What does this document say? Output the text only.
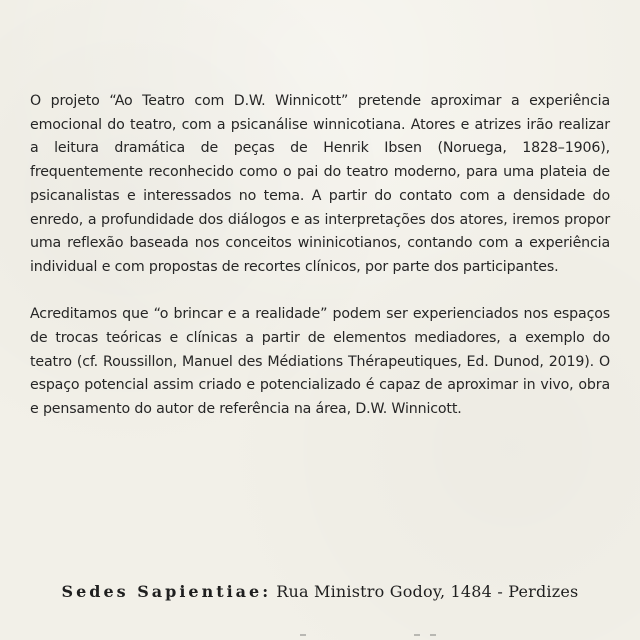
O projeto “Ao Teatro com D.W. Winnicott” pretende aproximar a experiência emocional do teatro, com a psicanálise winnicotiana. Atores e atrizes irão realizar a leitura dramática de peças de Henrik Ibsen (Noruega, 1828–1906), frequentemente reconhecido como o pai do teatro moderno, para uma plateia de psicanalistas e interessados no tema. A partir do contato com a densidade do enredo, a profundidade dos diálogos e as interpretações dos atores, iremos propor uma reflexão baseada nos conceitos wininicotianos, contando com a experiência individual e com propostas de recortes clínicos, por parte dos participantes.

Acreditamos que “o brincar e a realidade” podem ser experienciados nos espaços de trocas teóricas e clínicas a partir de elementos mediadores, a exemplo do teatro (cf. Roussillon, Manuel des Médiations Thérapeutiques, Ed. Dunod, 2019). O espaço potencial assim criado e potencializado é capaz de aproximar in vivo, obra e pensamento do autor de referência na área, D.W. Winnicott.

Sedes Sapientiae: Rua Ministro Godoy, 1484 - Perdizes
